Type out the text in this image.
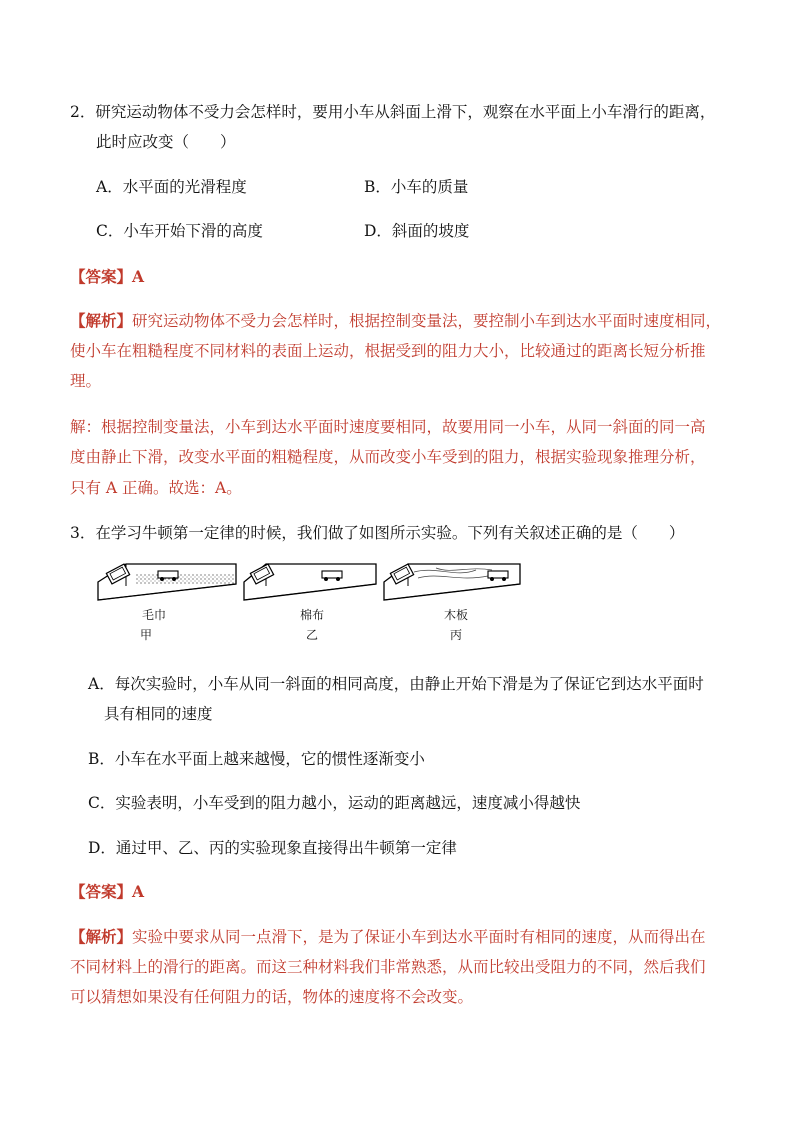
2．研究运动物体不受力会怎样时，要用小车从斜面上滑下，观察在水平面上小车滑行的距离，
此时应改变（　　）
A．水平面的光滑程度	B．小车的质量
C．小车开始下滑的高度	D．斜面的坡度
【答案】A
【解析】研究运动物体不受力会怎样时，根据控制变量法，要控制小车到达水平面时速度相同，
使小车在粗糙程度不同材料的表面上运动，根据受到的阻力大小，比较通过的距离长短分析推
理。
解：根据控制变量法，小车到达水平面时速度要相同，故要用同一小车，从同一斜面的同一高
度由静止下滑，改变水平面的粗糙程度，从而改变小车受到的阻力，根据实验现象推理分析，
只有 A 正确。故选：A。
3．在学习牛顿第一定律的时候，我们做了如图所示实验。下列有关叙述正确的是（　　）
毛巾
甲
棉布
乙
木板
丙
A．每次实验时，小车从同一斜面的相同高度，由静止开始下滑是为了保证它到达水平面时
具有相同的速度
B．小车在水平面上越来越慢，它的惯性逐渐变小
C．实验表明，小车受到的阻力越小，运动的距离越远，速度减小得越快
D．通过甲、乙、丙的实验现象直接得出牛顿第一定律
【答案】A
【解析】实验中要求从同一点滑下，是为了保证小车到达水平面时有相同的速度，从而得出在
不同材料上的滑行的距离。而这三种材料我们非常熟悉，从而比较出受阻力的不同，然后我们
可以猜想如果没有任何阻力的话，物体的速度将不会改变。
